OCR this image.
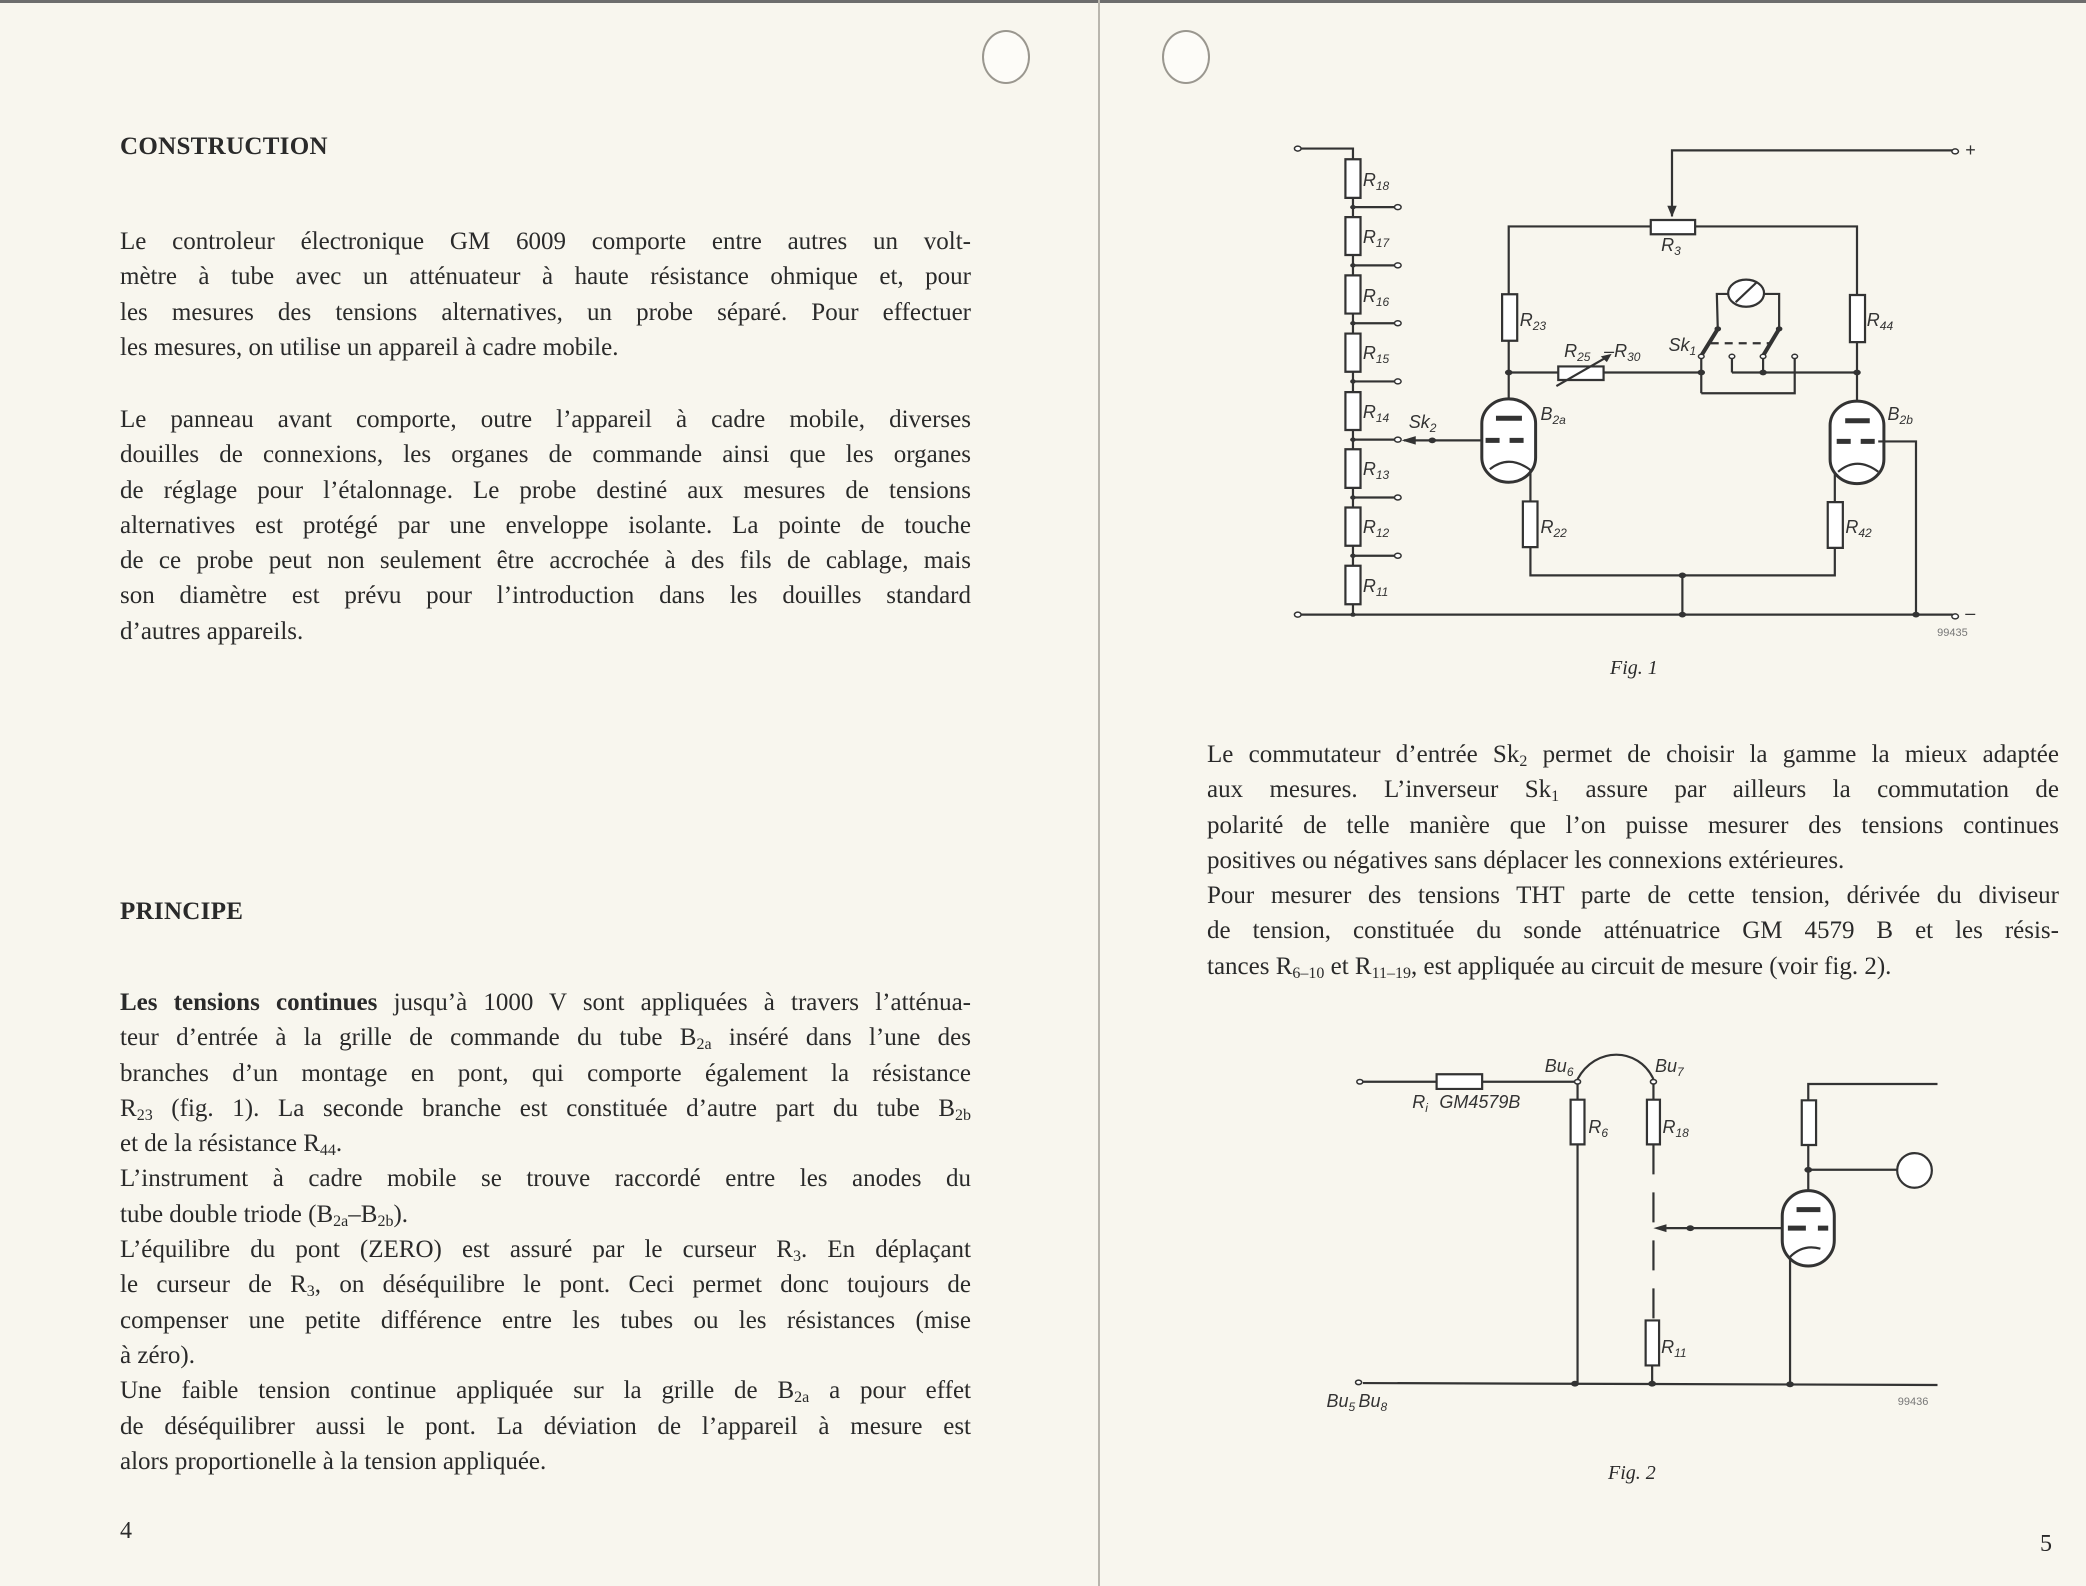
CONSTRUCTION
Le controleur électronique GM 6009 comporte entre autres un volt-
mètre à tube avec un atténuateur à haute résistance ohmique et, pour
les mesures des tensions alternatives, un probe séparé. Pour effectuer
les mesures, on utilise un appareil à cadre mobile.
Le panneau avant comporte, outre l’appareil à cadre mobile, diverses
douilles de connexions, les organes de commande ainsi que les organes
de réglage pour l’étalonnage. Le probe destiné aux mesures de tensions
alternatives est protégé par une enveloppe isolante. La pointe de touche
de ce probe peut non seulement être accrochée à des fils de cablage, mais
son diamètre est prévu pour l’introduction dans les douilles standard
d’autres appareils.
PRINCIPE
Les tensions continues jusqu’à 1000 V sont appliquées à travers l’atténua-
teur d’entrée à la grille de commande du tube $B_{2a}$ inséré dans l’une des
branches d’un montage en pont, qui comporte également la résistance
$R_{23}$ (fig. 1). La seconde branche est constituée d’autre part du tube $B_{2b}$
et de la résistance $R_{44}$.
L’instrument à cadre mobile se trouve raccordé entre les anodes du
tube double triode $(B_{2a}-B_{2b})$.
L’équilibre du pont (ZERO) est assuré par le curseur $R_3$. En déplaçant
le curseur de $R_3$, on déséquilibre le pont. Ceci permet donc toujours de
compenser une petite différence entre les tubes ou les résistances (mise
à zéro).
Une faible tension continue appliquée sur la grille de $B_{2a}$ a pour effet
de déséquilibrer aussi le pont. La déviation de l’appareil à mesure est
alors proportionelle à la tension appliquée.
4
$R_{18}$
$R_{17}$
$R_{16}$
$R_{15}$
$R_{14}$
$R_{13}$
$R_{12}$
$R_{11}$
$Sk_2$
$R_3$
$R_{23}$	$R_{44}$
$R_{25}$ $-R_{30}$
$Sk_1$
$B_{2a}$	$B_{2b}$
$R_{22}$	$R_{42}$
+
–
99435
Fig. 1
Le commutateur d’entrée $Sk_2$ permet de choisir la gamme la mieux adaptée
aux mesures. L’inverseur $Sk_1$ assure par ailleurs la commutation de
polarité de telle manière que l’on puisse mesurer des tensions continues
positives ou négatives sans déplacer les connexions extérieures.
Pour mesurer des tensions THT parte de cette tension, dérivée du diviseur
de tension, constituée du sonde atténuatrice GM 4579 B et les résis-
tances $R_{6-10}$ et $R_{11-19}$, est appliquée au circuit de mesure (voir fig. 2).
$Bu_6$	$Bu_7$
$R_i$ GM4579B
$R_6$	$R_{18}$
$R_{11}$
$Bu_5$ $Bu_8$	99436
Fig. 2
5
